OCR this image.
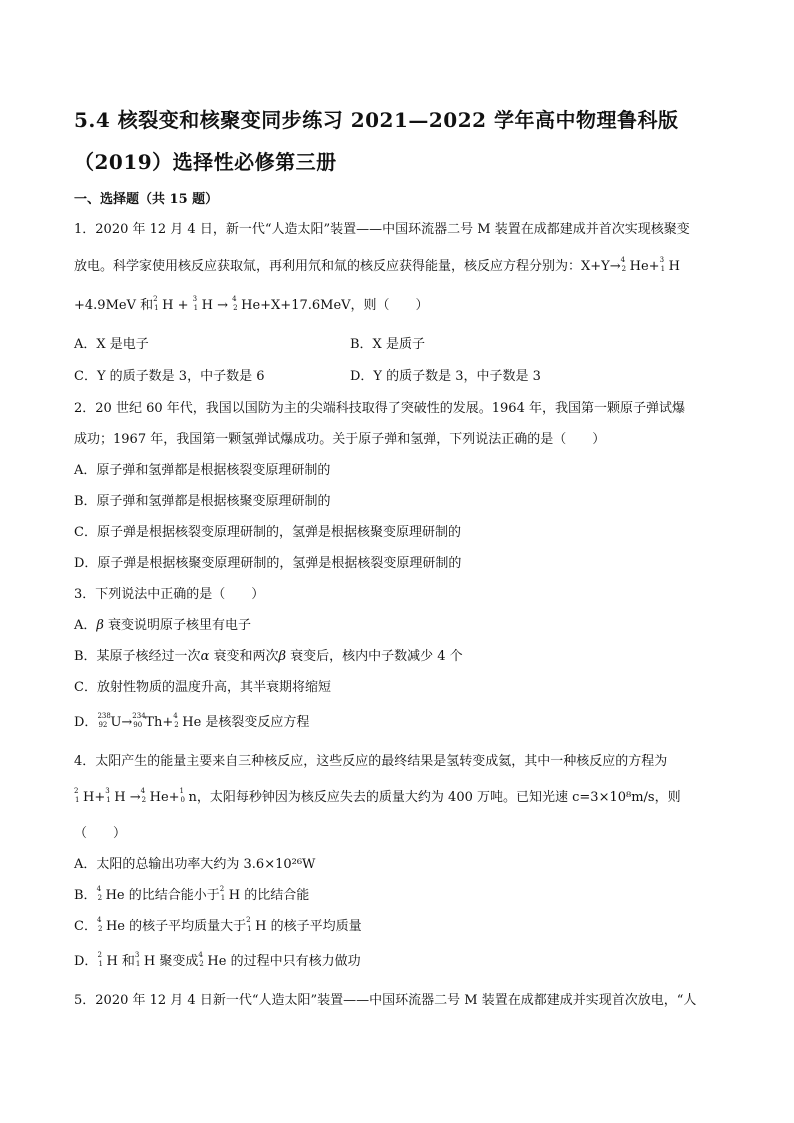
5.4 核裂变和核聚变同步练习 2021—2022 学年高中物理鲁科版
（2019）选择性必修第三册
一、选择题（共 15 题）
1．2020 年 12 月 4 日，新一代“人造太阳”装置——中国环流器二号 M 装置在成都建成并首次实现核聚变
放电。科学家使用核反应获取氚，再利用氘和氚的核反应获得能量，核反应方程分别为：X+Y→ 4
2 He+ 3
1 H
+4.9MeV 和 2
1 H + 3
1 H → 4
2 He+X+17.6MeV，则（　　）
A．X 是电子	B．X 是质子
C．Y 的质子数是 3，中子数是 6	D．Y 的质子数是 3，中子数是 3
2．20 世纪 60 年代，我国以国防为主的尖端科技取得了突破性的发展。1964 年，我国第一颗原子弹试爆
成功；1967 年，我国第一颗氢弹试爆成功。关于原子弹和氢弹，下列说法正确的是（　　）
A．原子弹和氢弹都是根据核裂变原理研制的
B．原子弹和氢弹都是根据核聚变原理研制的
C．原子弹是根据核裂变原理研制的，氢弹是根据核聚变原理研制的
D．原子弹是根据核聚变原理研制的，氢弹是根据核裂变原理研制的
3．下列说法中正确的是（　　）
A．β 衰变说明原子核里有电子
B．某原子核经过一次α 衰变和两次β 衰变后，核内中子数减少 4 个
C．放射性物质的温度升高，其半衰期将缩短
D． 238
92 U→ 234
90 Th+ 4
2 He 是核裂变反应方程
4．太阳产生的能量主要来自三种核反应，这些反应的最终结果是氢转变成氦，其中一种核反应的方程为
2
1 H+ 3
1 H → 4
2 He+ 1
0 n，太阳每秒钟因为核反应失去的质量大约为 400 万吨。已知光速 c=3×10⁸m/s，则
（　　）
A．太阳的总输出功率大约为 3.6×10²⁶W
B． 4
2 He 的比结合能小于 2
1 H 的比结合能
C． 4
2 He 的核子平均质量大于 2
1 H 的核子平均质量
D． 2
1 H 和 3
1 H 聚变成 4
2 He 的过程中只有核力做功
5．2020 年 12 月 4 日新一代“人造太阳”装置——中国环流器二号 M 装置在成都建成并实现首次放电，“人
